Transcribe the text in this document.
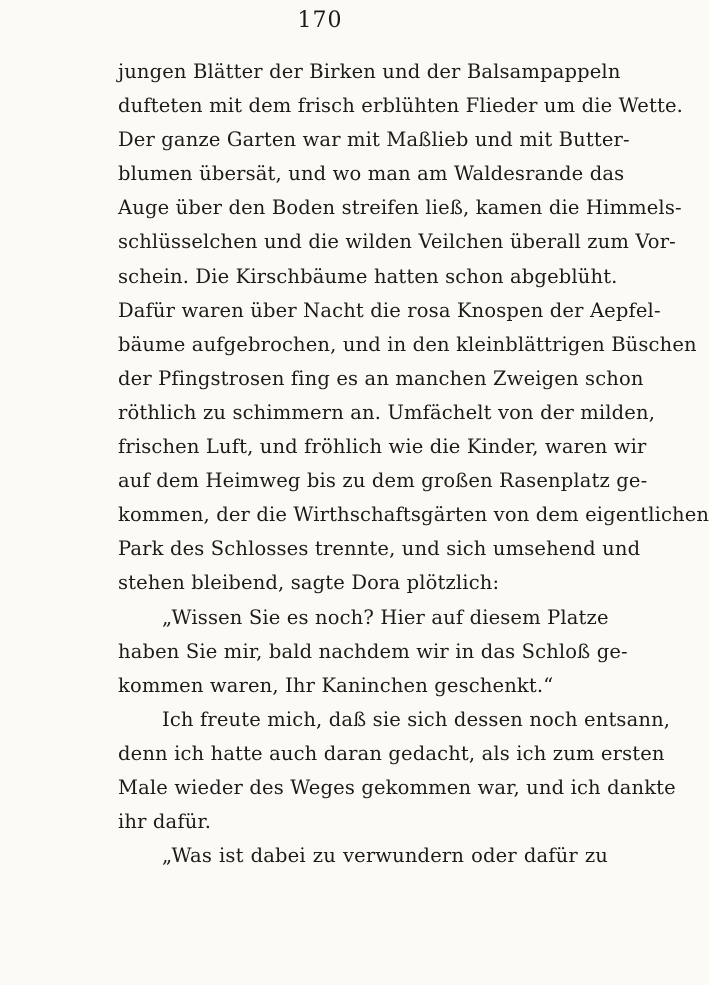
170
jungen Blätter der Birken und der Balsampappeln
dufteten mit dem frisch erblühten Flieder um die Wette.
Der ganze Garten war mit Maßlieb und mit Butter-
blumen übersät, und wo man am Waldesrande das
Auge über den Boden streifen ließ, kamen die Himmels-
schlüsselchen und die wilden Veilchen überall zum Vor-
schein. Die Kirschbäume hatten schon abgeblüht.
Dafür waren über Nacht die rosa Knospen der Aepfel-
bäume aufgebrochen, und in den kleinblättrigen Büschen
der Pfingstrosen fing es an manchen Zweigen schon
röthlich zu schimmern an. Umfächelt von der milden,
frischen Luft, und fröhlich wie die Kinder, waren wir
auf dem Heimweg bis zu dem großen Rasenplatz ge-
kommen, der die Wirthschaftsgärten von dem eigentlichen
Park des Schlosses trennte, und sich umsehend und
stehen bleibend, sagte Dora plötzlich:
„Wissen Sie es noch? Hier auf diesem Platze
haben Sie mir, bald nachdem wir in das Schloß ge-
kommen waren, Ihr Kaninchen geschenkt.“
Ich freute mich, daß sie sich dessen noch entsann,
denn ich hatte auch daran gedacht, als ich zum ersten
Male wieder des Weges gekommen war, und ich dankte
ihr dafür.
„Was ist dabei zu verwundern oder dafür zu
